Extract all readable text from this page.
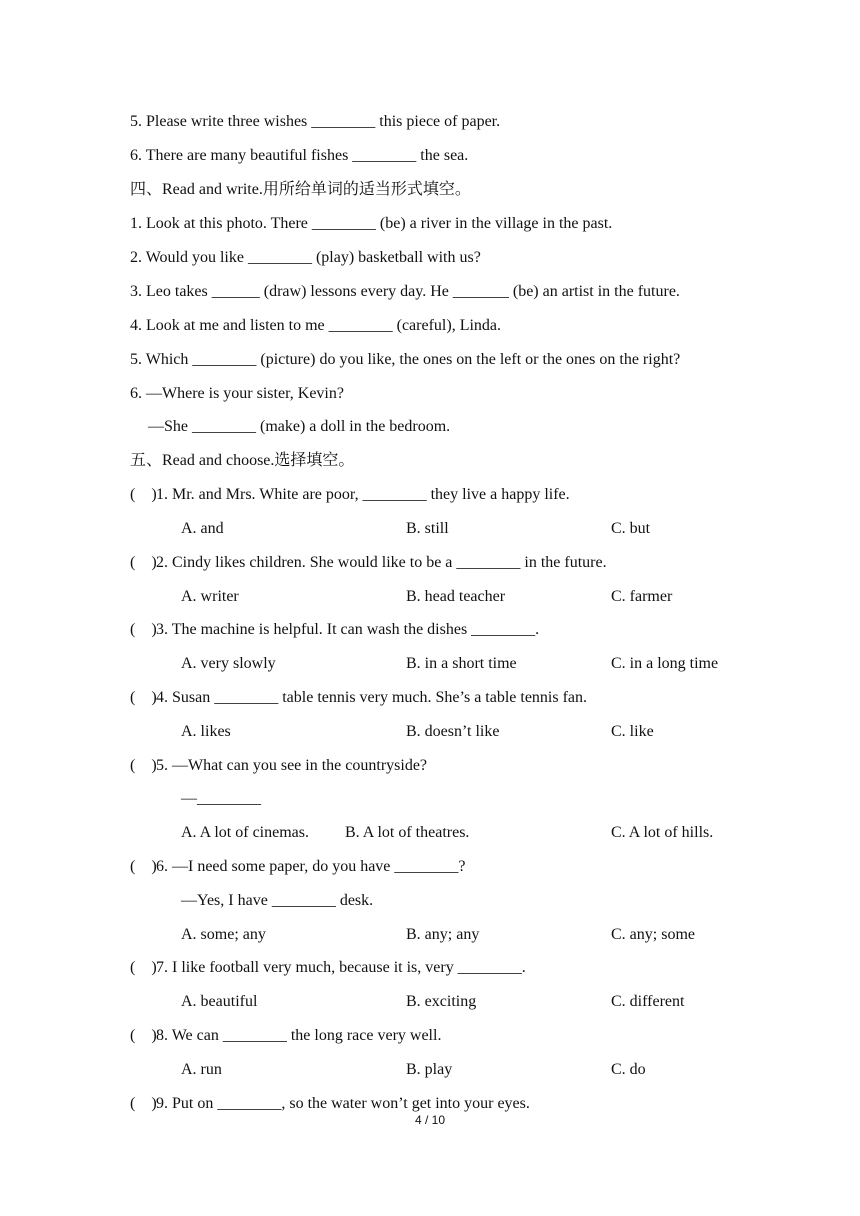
5. Please write three wishes ________ this piece of paper.
6. There are many beautiful fishes ________ the sea.
四、Read and write.用所给单词的适当形式填空。
1. Look at this photo. There ________ (be) a river in the village in the past.
2. Would you like ________ (play) basketball with us?
3. Leo takes ______ (draw) lessons every day. He _______ (be) an artist in the future.
4. Look at me and listen to me ________ (careful), Linda.
5. Which ________ (picture) do you like, the ones on the left or the ones on the right?
6. —Where is your sister, Kevin?
—She ________ (make) a doll in the bedroom.
五、Read and choose.选择填空。
(    )1. Mr. and Mrs. White are poor, ________ they live a happy life.
A. and	B. still	C. but
(    )2. Cindy likes children. She would like to be a ________ in the future.
A. writer	B. head teacher	C. farmer
(    )3. The machine is helpful. It can wash the dishes ________.
A. very slowly	B. in a short time	C. in a long time
(    )4. Susan ________ table tennis very much. She’s a table tennis fan.
A. likes	B. doesn’t like	C. like
(    )5. —What can you see in the countryside?
—________
A. A lot of cinemas. B. A lot of theatres.	C. A lot of hills.
(    )6. —I need some paper, do you have ________?
—Yes, I have ________ desk.
A. some; any	B. any; any	C. any; some
(    )7. I like football very much, because it is, very ________.
A. beautiful	B. exciting	C. different
(    )8. We can ________ the long race very well.
A. run	B. play	C. do
(    )9. Put on ________, so the water won’t get into your eyes.
4 / 10
